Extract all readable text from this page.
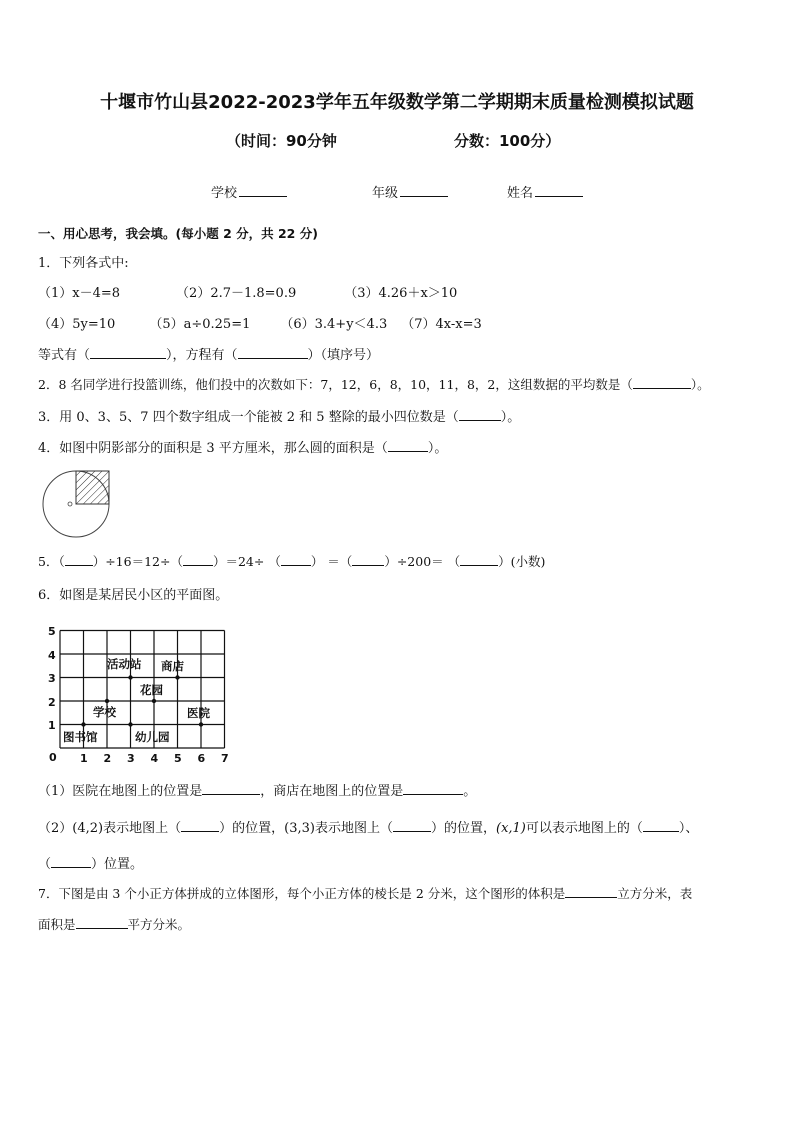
十堰市竹山县2022-2023学年五年级数学第二学期期末质量检测模拟试题
（时间：90分钟	分数：100分）
学校	年级	姓名
一、用心思考，我会填。(每小题 2 分，共 22 分)
1．下列各式中:
（1）x－4=8	（2）2.7－1.8=0.9	（3）4.26＋x＞10
（4）5y=10	（5）a÷0.25=1 （6）3.4+y＜4.3 （7）4x-x=3
等式有（	），方程有（	）（填序号）
2．8 名同学进行投篮训练，他们投中的次数如下：7，12，6，8，10，11，8，2，这组数据的平均数是（	）。
3．用 0、3、5、7 四个数字组成一个能被 2 和 5 整除的最小四位数是（	）。
4．如图中阴影部分的面积是 3 平方厘米，那么圆的面积是（	）。
5．（ ）÷16＝12÷（ ）＝24÷ （ ） ＝（	）÷200＝ （	）(小数)
6．如图是某居民小区的平面图。
0 1 2 3 4 5 6 7
1
2
3
4
5
活动站 商店
花园
学校	医院
图书馆	幼儿园
（1）医院在地图上的位置是	，商店在地图上的位置是	。
（2）(4,2)表示地图上（	）的位置，(3,3)表示地图上（	）的位置，(x,1)可以表示地图上的（	）、
（	）位置。
7．下图是由 3 个小正方体拼成的立体图形，每个小正方体的棱长是 2 分米，这个图形的体积是	立方分米，表
面积是	平方分米。
